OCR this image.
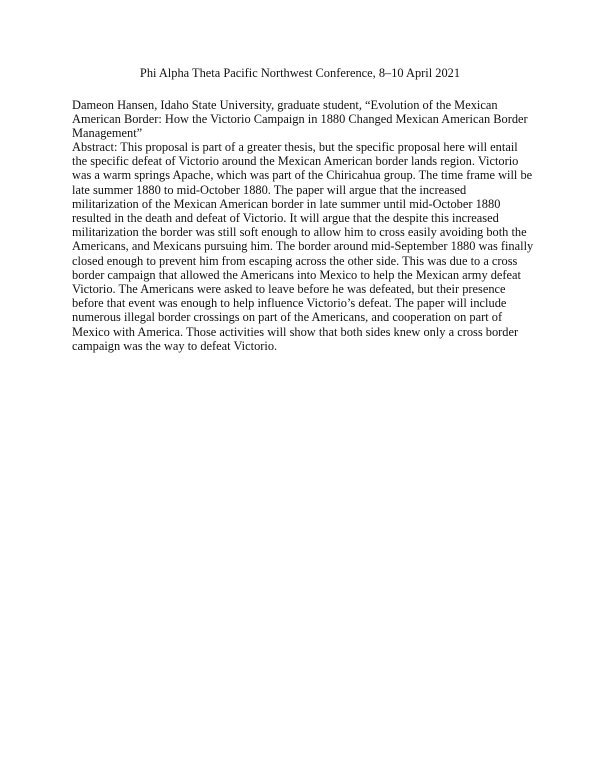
Phi Alpha Theta Pacific Northwest Conference, 8–10 April 2021

Dameon Hansen, Idaho State University, graduate student, “Evolution of the Mexican American Border: How the Victorio Campaign in 1880 Changed Mexican American Border Management”

Abstract: This proposal is part of a greater thesis, but the specific proposal here will entail the specific defeat of Victorio around the Mexican American border lands region. Victorio was a warm springs Apache, which was part of the Chiricahua group. The time frame will be late summer 1880 to mid-October 1880. The paper will argue that the increased militarization of the Mexican American border in late summer until mid-October 1880 resulted in the death and defeat of Victorio. It will argue that the despite this increased militarization the border was still soft enough to allow him to cross easily avoiding both the Americans, and Mexicans pursuing him. The border around mid-September 1880 was finally closed enough to prevent him from escaping across the other side. This was due to a cross border campaign that allowed the Americans into Mexico to help the Mexican army defeat Victorio. The Americans were asked to leave before he was defeated, but their presence before that event was enough to help influence Victorio’s defeat. The paper will include numerous illegal border crossings on part of the Americans, and cooperation on part of Mexico with America. Those activities will show that both sides knew only a cross border campaign was the way to defeat Victorio.
